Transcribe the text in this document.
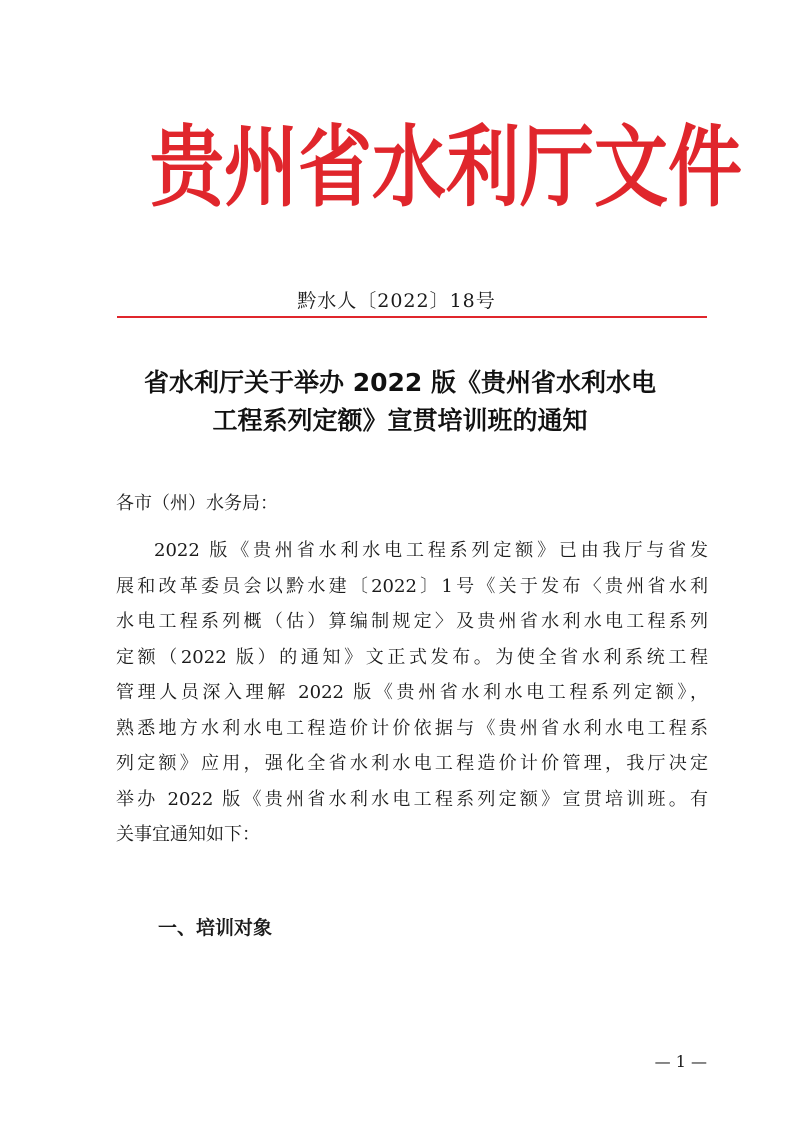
贵 州 省 水 利 厅 文 件
黔水人〔2022〕18号
省水利厅关于举办 2022 版《贵州省水利水电
工程系列定额》宣贯培训班的通知
各市（州）水务局：
2022 版《贵州省水利水电工程系列定额》已由我厅与省发
展和改革委员会以黔水建〔2022〕1号《关于发布〈贵州省水利
水电工程系列概（估）算编制规定〉及贵州省水利水电工程系列
定额（2022 版）的通知》文正式发布。为使全省水利系统工程
管理人员深入理解 2022 版《贵州省水利水电工程系列定额》，
熟悉地方水利水电工程造价计价依据与《贵州省水利水电工程系
列定额》应用，强化全省水利水电工程造价计价管理，我厅决定
举办 2022 版《贵州省水利水电工程系列定额》宣贯培训班。有
关事宜通知如下：
一、培训对象
— 1 —
